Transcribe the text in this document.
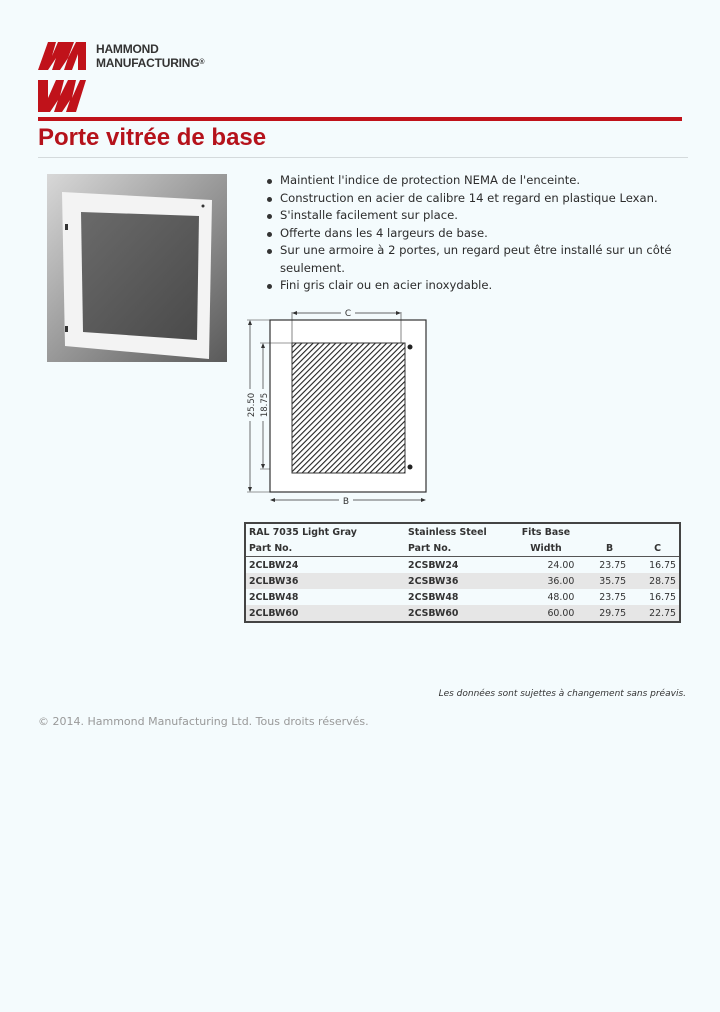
HAMMOND
MANUFACTURING®
Porte vitrée de base
Maintient l'indice de protection NEMA de l'enceinte.
Construction en acier de calibre 14 et regard en plastique Lexan.
S'installe facilement sur place.
Offerte dans les 4 largeurs de base.
Sur une armoire à 2 portes, un regard peut être installé sur un côté seulement.
Fini gris clair ou en acier inoxydable.
C
B
25.50 18.75
RAL 7035 Light Gray	Stainless Steel	Fits Base		
Part No.	Part No.	Width	B	C
2CLBW24	2CSBW24	24.00	23.75	16.75
2CLBW36	2CSBW36	36.00	35.75	28.75
2CLBW48	2CSBW48	48.00	23.75	16.75
2CLBW60	2CSBW60	60.00	29.75	22.75
Les données sont sujettes à changement sans préavis.
© 2014. Hammond Manufacturing Ltd. Tous droits réservés.
